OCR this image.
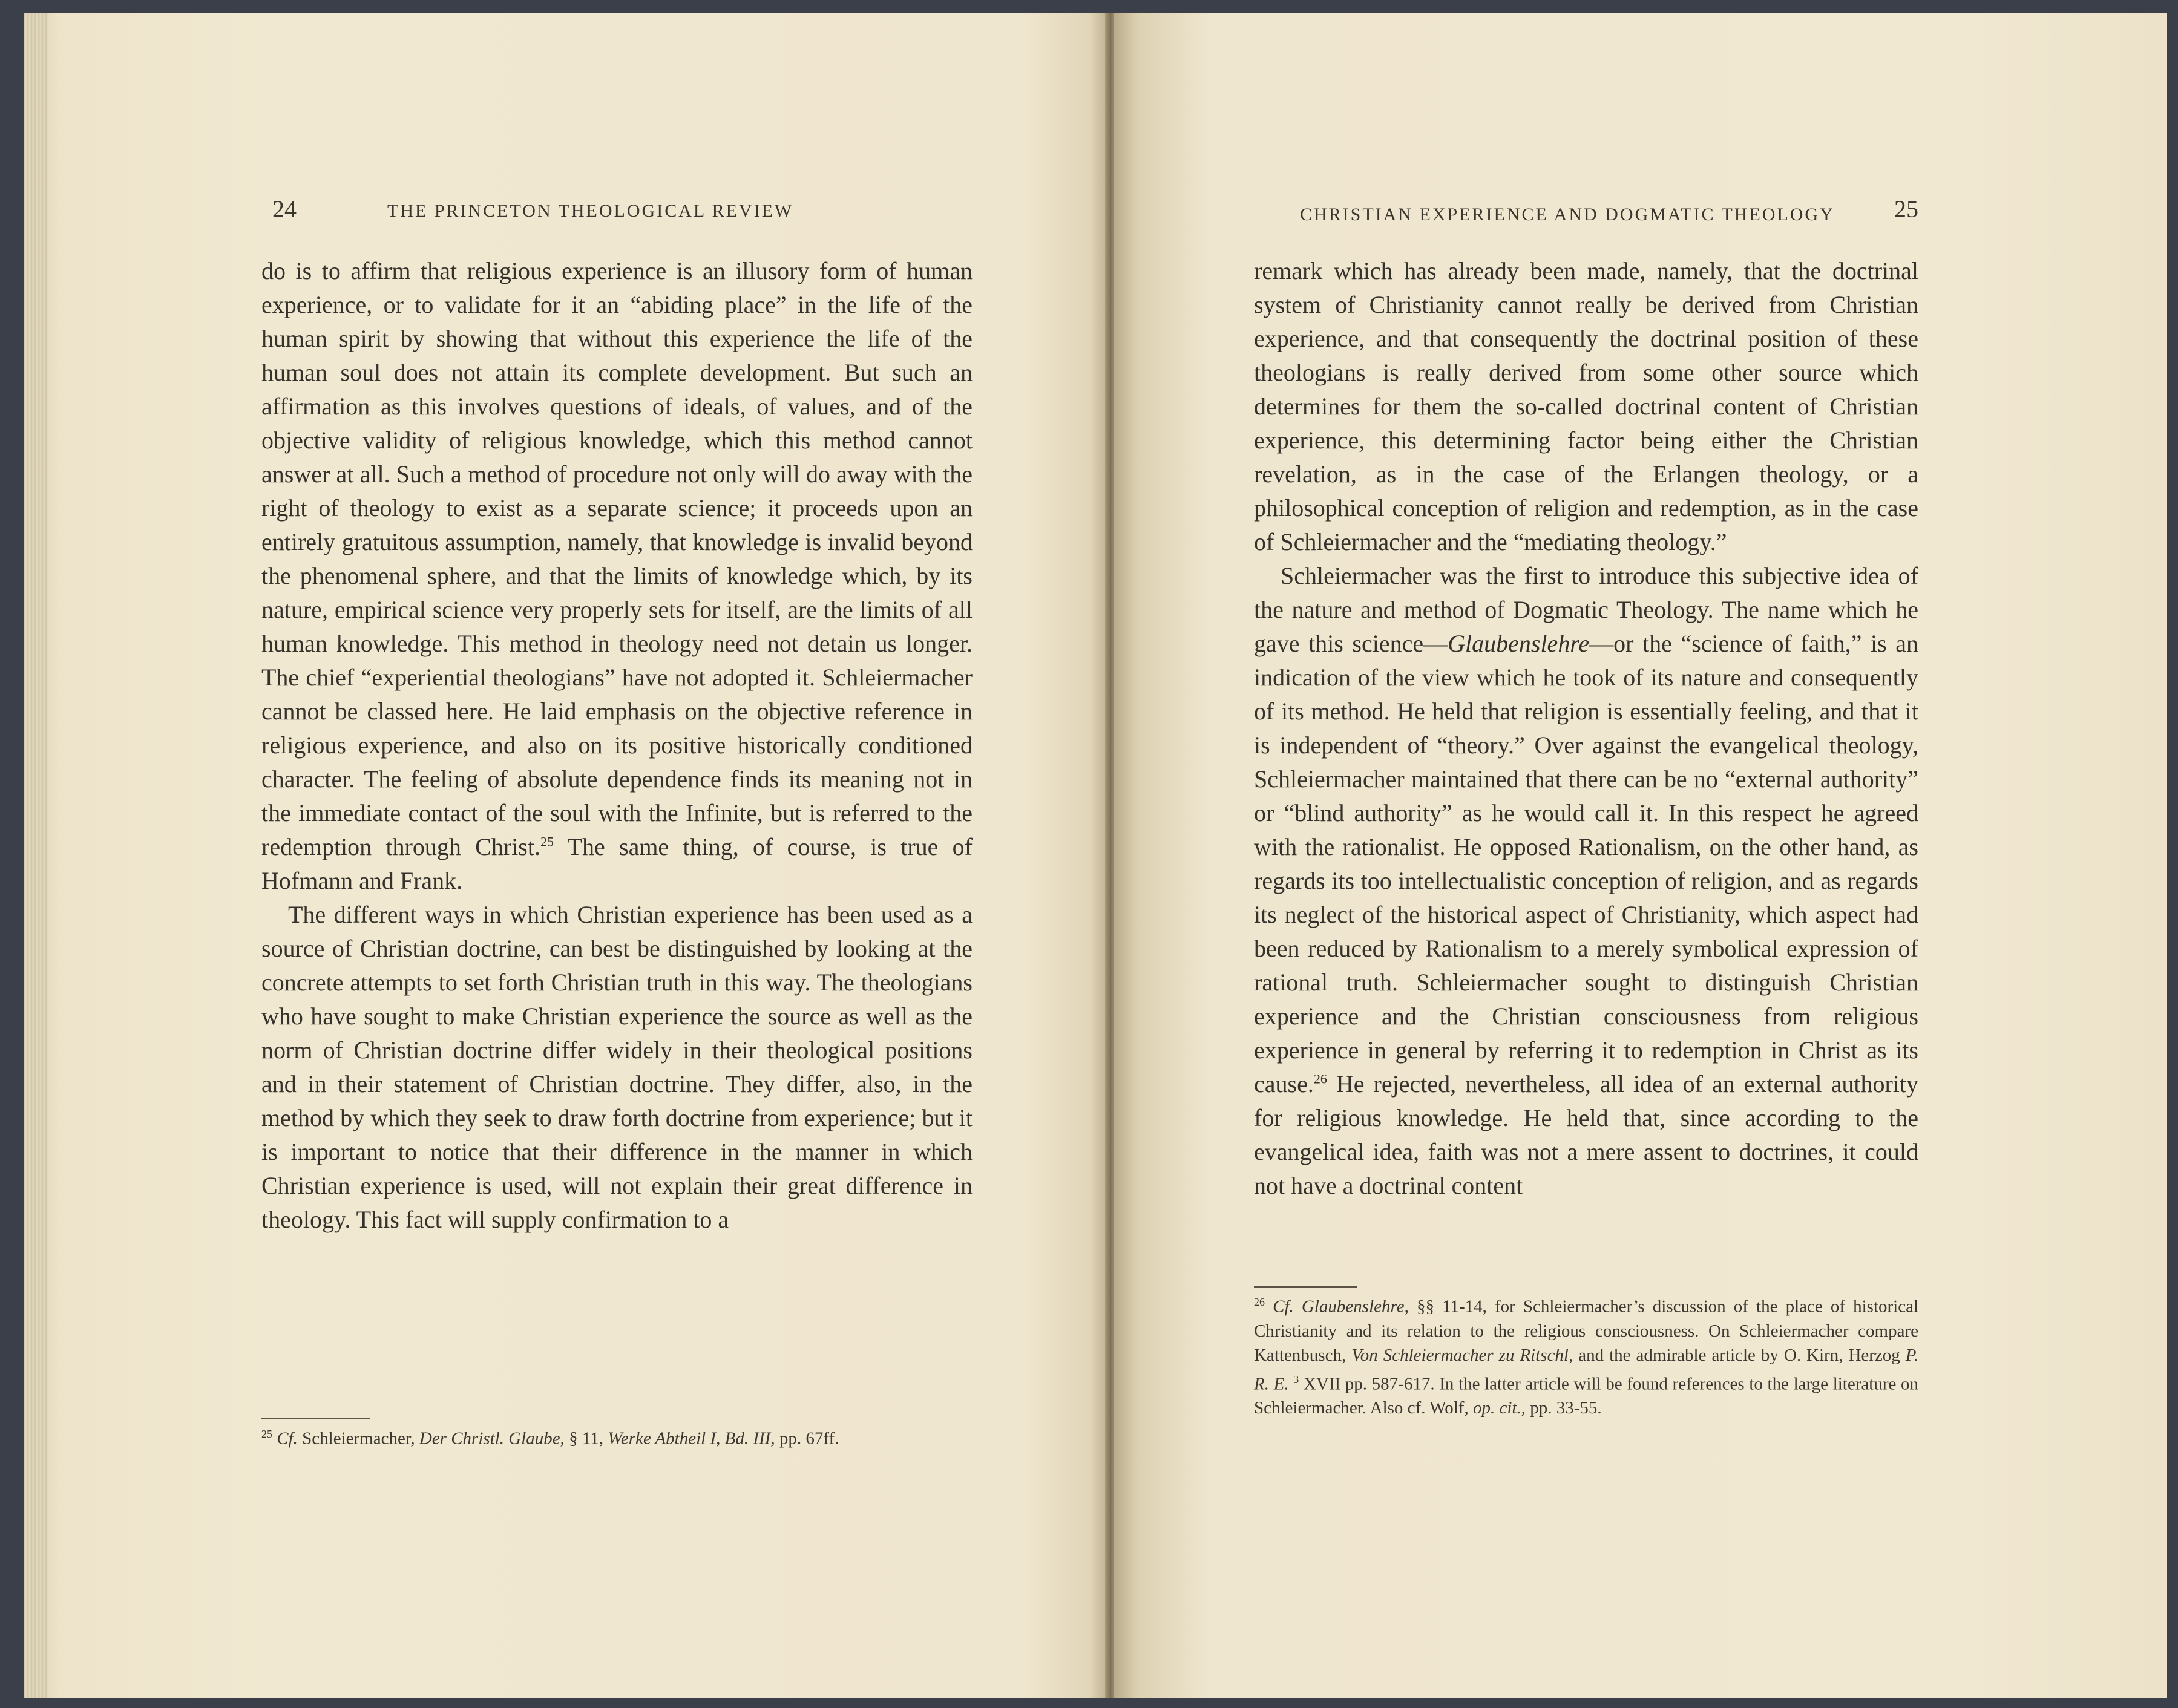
24	THE PRINCETON THEOLOGICAL REVIEW

do is to affirm that religious experience is an illusory form of human experience, or to validate for it an “abiding place” in the life of the human spirit by showing that without this experience the life of the human soul does not attain its complete development. But such an affirmation as this involves questions of ideals, of values, and of the objective validity of religious knowledge, which this method cannot answer at all. Such a method of procedure not only will do away with the right of theology to exist as a separate science; it proceeds upon an entirely gratuitous assumption, namely, that knowledge is invalid beyond the phenomenal sphere, and that the limits of knowledge which, by its nature, empirical science very properly sets for itself, are the limits of all human knowledge. This method in theology need not detain us longer. The chief “experiential theologians” have not adopted it. Schleiermacher cannot be classed here. He laid emphasis on the objective reference in religious experience, and also on its positive historically conditioned character. The feeling of absolute dependence finds its meaning not in the immediate contact of the soul with the Infinite, but is referred to the redemption through Christ.$^{25}$ The same thing, of course, is true of Hofmann and Frank.

The different ways in which Christian experience has been used as a source of Christian doctrine, can best be distinguished by looking at the concrete attempts to set forth Christian truth in this way. The theologians who have sought to make Christian experience the source as well as the norm of Christian doctrine differ widely in their theological positions and in their statement of Christian doctrine. They differ, also, in the method by which they seek to draw forth doctrine from experience; but it is important to notice that their difference in the manner in which Christian experience is used, will not explain their great difference in theology. This fact will supply confirmation to a

$^{25}$ Cf. Schleiermacher, Der Christl. Glaube, § 11, Werke Abtheil I, Bd. III, pp. 67ff.
CHRISTIAN EXPERIENCE AND DOGMATIC THEOLOGY 25

remark which has already been made, namely, that the doctrinal system of Christianity cannot really be derived from Christian experience, and that consequently the doctrinal position of these theologians is really derived from some other source which determines for them the so-called doctrinal content of Christian experience, this determining factor being either the Christian revelation, as in the case of the Erlangen theology, or a philosophical conception of religion and redemption, as in the case of Schleiermacher and the “mediating theology.”

Schleiermacher was the first to introduce this subjective idea of the nature and method of Dogmatic Theology. The name which he gave this science—Glaubenslehre—or the “science of faith,” is an indication of the view which he took of its nature and consequently of its method. He held that religion is essentially feeling, and that it is independent of “theory.” Over against the evangelical theology, Schleiermacher maintained that there can be no “external authority” or “blind authority” as he would call it. In this respect he agreed with the rationalist. He opposed Rationalism, on the other hand, as regards its too intellectualistic conception of religion, and as regards its neglect of the historical aspect of Christianity, which aspect had been reduced by Rationalism to a merely symbolical expression of rational truth. Schleiermacher sought to distinguish Christian experience and the Christian consciousness from religious experience in general by referring it to redemption in Christ as its cause.$^{26}$ He rejected, nevertheless, all idea of an external authority for religious knowledge. He held that, since according to the evangelical idea, faith was not a mere assent to doctrines, it could not have a doctrinal content

$^{26}$ Cf. Glaubenslehre, §§ 11-14, for Schleiermacher’s discussion of the place of historical Christianity and its relation to the religious consciousness. On Schleiermacher compare Kattenbusch, Von Schleiermacher zu Ritschl, and the admirable article by O. Kirn, Herzog P. R. E. $^3$ XVII pp. 587-617. In the latter article will be found references to the large literature on Schleiermacher. Also cf. Wolf, op. cit., pp. 33-55.
